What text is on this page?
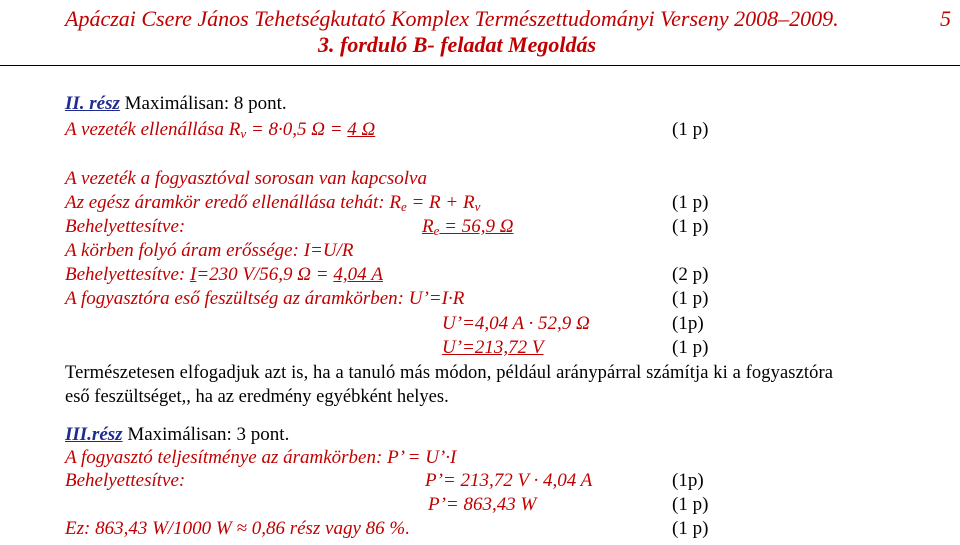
Apáczai Csere János Tehetségkutató Komplex Természettudományi Verseny 2008–2009.	5
3. forduló B- feladat Megoldás
II. rész Maximálisan: 8 pont.
A vezeték ellenállása $R_v = 8\cdot 0,5$ Ω = 4 Ω	(1 p)
A vezeték a fogyasztóval sorosan van kapcsolva
Az egész áramkör eredő ellenállása tehát: $R_e = R + R_v$	(1 p)
Behelyettesítve:	$R_e = 56,9$ Ω	(1 p)
A körben folyó áram erőssége: I=U/R
Behelyettesítve: I=230 V/56,9 Ω = 4,04 A	(2 p)
A fogyasztóra eső feszültség az áramkörben: U’=I·R	(1 p)
U’=4,04 A · 52,9 Ω	(1p)
U’=213,72 V	(1 p)
Természetesen elfogadjuk azt is, ha a tanuló más módon, például aránypárral számítja ki a fogyasztóra
eső feszültséget,, ha az eredmény egyébként helyes.
III.rész Maximálisan: 3 pont.
A fogyasztó teljesítménye az áramkörben: P’ = U’·I
Behelyettesítve:	P’= 213,72 V · 4,04 A	(1p)
P’= 863,43 W	(1 p)
Ez: 863,43 W/1000 W ≈ 0,86 rész vagy 86 %.	(1 p)
